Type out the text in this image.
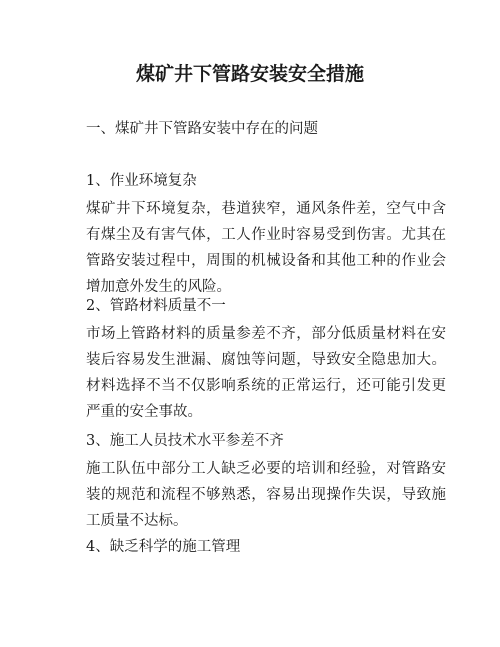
煤矿井下管路安装安全措施
一、煤矿井下管路安装中存在的问题
1、作业环境复杂

煤矿井下环境复杂，巷道狭窄，通风条件差，空气中含有煤尘及有害气体，工人作业时容易受到伤害。尤其在管路安装过程中，周围的机械设备和其他工种的作业会增加意外发生的风险。

2、管路材料质量不一

市场上管路材料的质量参差不齐，部分低质量材料在安装后容易发生泄漏、腐蚀等问题，导致安全隐患加大。材料选择不当不仅影响系统的正常运行，还可能引发更严重的安全事故。

3、施工人员技术水平参差不齐

施工队伍中部分工人缺乏必要的培训和经验，对管路安装的规范和流程不够熟悉，容易出现操作失误，导致施工质量不达标。

4、缺乏科学的施工管理
